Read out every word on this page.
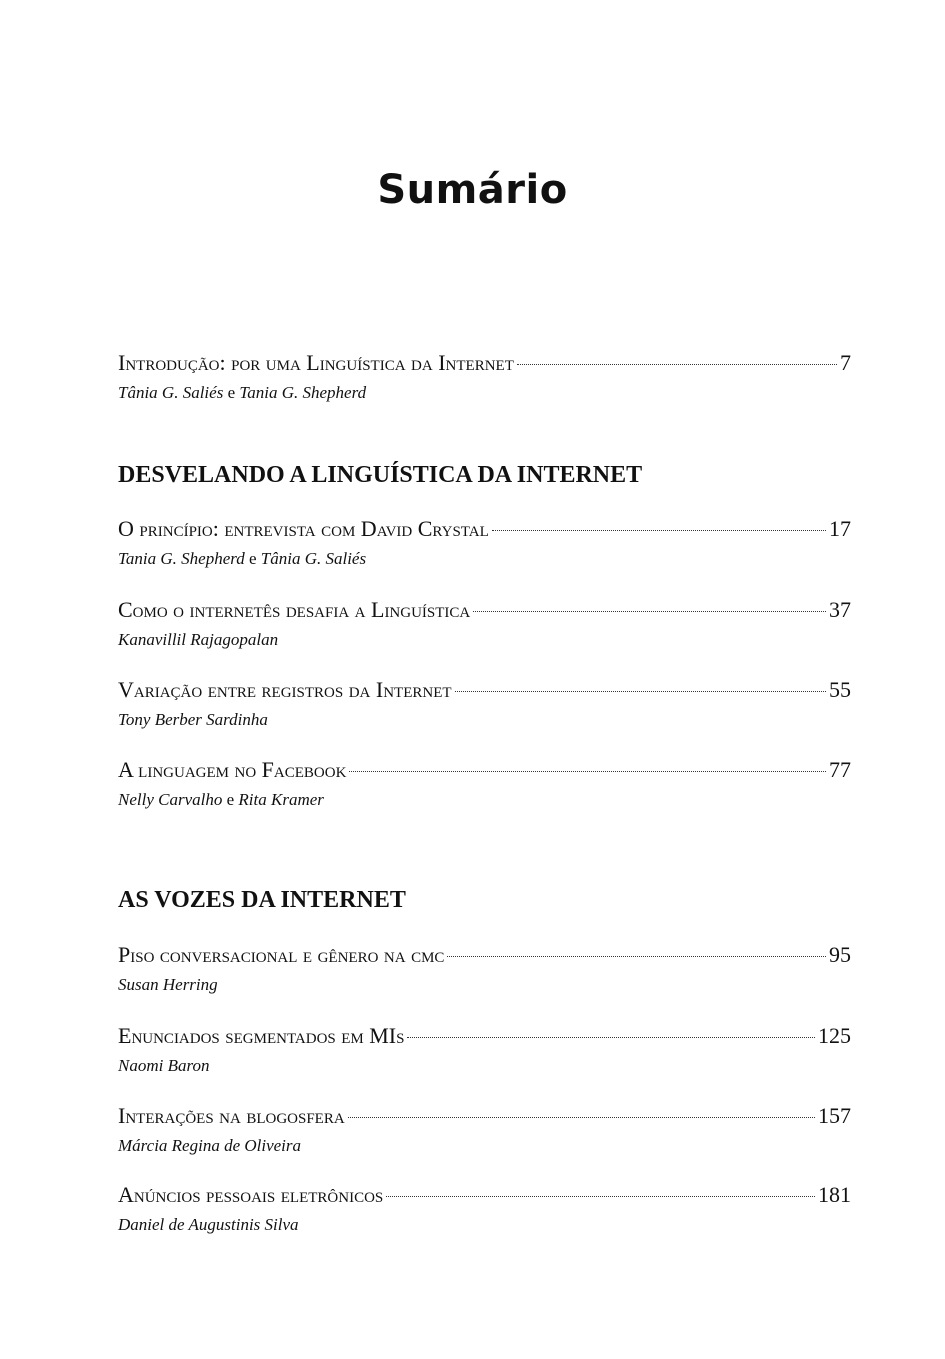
Sumário
Introdução: por uma Linguística da Internet	7
Tânia G. Saliés e Tania G. Shepherd
DESVELANDO A LINGUÍSTICA DA INTERNET
O princípio: entrevista com David Crystal	17
Tania G. Shepherd e Tânia G. Saliés
Como o internetês desafia a Linguística	37
Kanavillil Rajagopalan
Variação entre registros da Internet	55
Tony Berber Sardinha
A linguagem no Facebook	77
Nelly Carvalho e Rita Kramer
AS VOZES DA INTERNET
Piso conversacional e gênero na cmc	95
Susan Herring
Enunciados segmentados em MIs	125
Naomi Baron
Interações na blogosfera	157
Márcia Regina de Oliveira
Anúncios pessoais eletrônicos	181
Daniel de Augustinis Silva
